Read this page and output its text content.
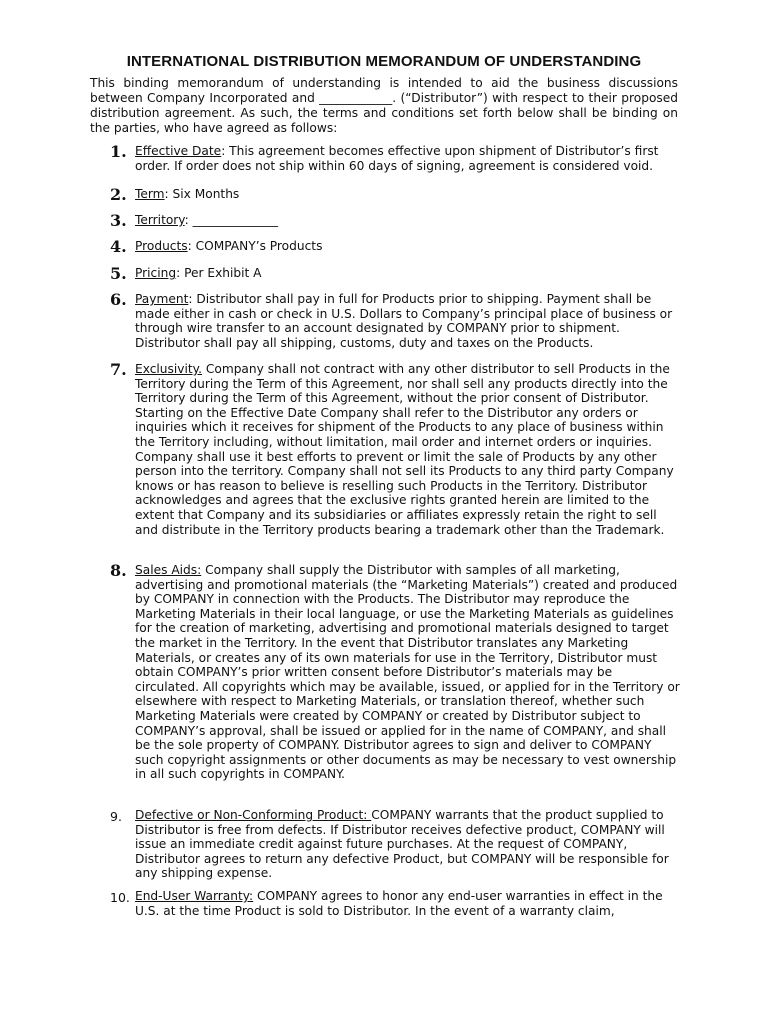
INTERNATIONAL DISTRIBUTION MEMORANDUM OF UNDERSTANDING
This binding memorandum of understanding is intended to aid the business discussions between Company Incorporated and ____________. (“Distributor”) with respect to their proposed distribution agreement. As such, the terms and conditions set forth below shall be binding on the parties, who have agreed as follows:
1. Effective Date: This agreement becomes effective upon shipment of Distributor’s first order. If order does not ship within 60 days of signing, agreement is considered void.
2. Term: Six Months
3. Territory: ______________
4. Products: COMPANY’s Products
5. Pricing: Per Exhibit A
6. Payment: Distributor shall pay in full for Products prior to shipping. Payment shall be made either in cash or check in U.S. Dollars to Company’s principal place of business or through wire transfer to an account designated by COMPANY prior to shipment. Distributor shall pay all shipping, customs, duty and taxes on the Products.
7. Exclusivity. Company shall not contract with any other distributor to sell Products in the Territory during the Term of this Agreement, nor shall sell any products directly into the Territory during the Term of this Agreement, without the prior consent of Distributor. Starting on the Effective Date Company shall refer to the Distributor any orders or inquiries which it receives for shipment of the Products to any place of business within the Territory including, without limitation, mail order and internet orders or inquiries. Company shall use it best efforts to prevent or limit the sale of Products by any other person into the territory. Company shall not sell its Products to any third party Company knows or has reason to believe is reselling such Products in the Territory. Distributor acknowledges and agrees that the exclusive rights granted herein are limited to the extent that Company and its subsidiaries or affiliates expressly retain the right to sell and distribute in the Territory products bearing a trademark other than the Trademark.
8. Sales Aids: Company shall supply the Distributor with samples of all marketing, advertising and promotional materials (the “Marketing Materials”) created and produced by COMPANY in connection with the Products. The Distributor may reproduce the Marketing Materials in their local language, or use the Marketing Materials as guidelines for the creation of marketing, advertising and promotional materials designed to target the market in the Territory. In the event that Distributor translates any Marketing Materials, or creates any of its own materials for use in the Territory, Distributor must obtain COMPANY’s prior written consent before Distributor’s materials may be circulated. All copyrights which may be available, issued, or applied for in the Territory or elsewhere with respect to Marketing Materials, or translation thereof, whether such Marketing Materials were created by COMPANY or created by Distributor subject to COMPANY’s approval, shall be issued or applied for in the name of COMPANY, and shall be the sole property of COMPANY. Distributor agrees to sign and deliver to COMPANY such copyright assignments or other documents as may be necessary to vest ownership in all such copyrights in COMPANY.
9. Defective or Non-Conforming Product: COMPANY warrants that the product supplied to Distributor is free from defects. If Distributor receives defective product, COMPANY will issue an immediate credit against future purchases. At the request of COMPANY, Distributor agrees to return any defective Product, but COMPANY will be responsible for any shipping expense.
10. End-User Warranty: COMPANY agrees to honor any end-user warranties in effect in the U.S. at the time Product is sold to Distributor. In the event of a warranty claim,
